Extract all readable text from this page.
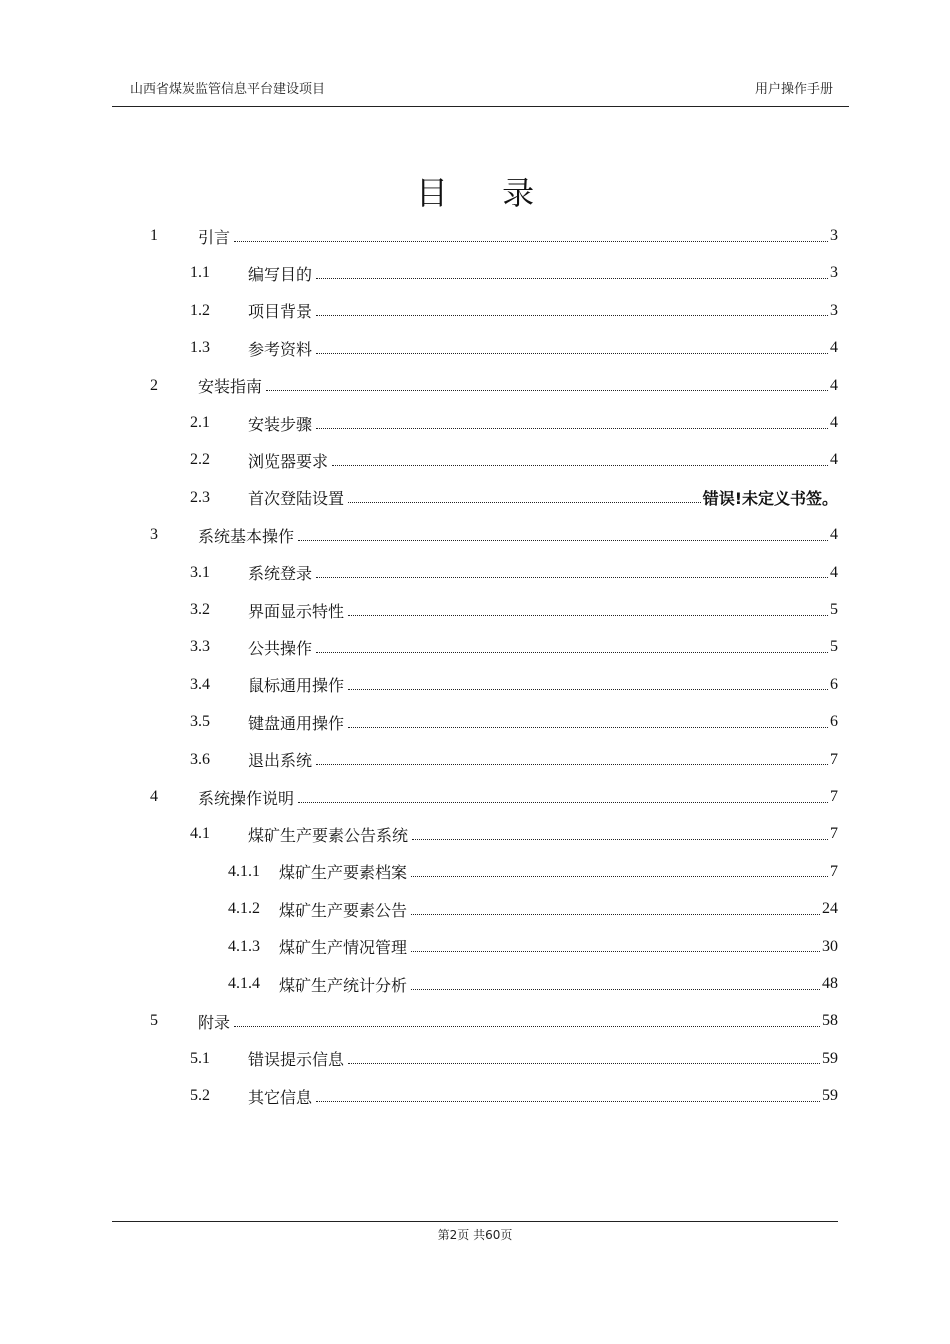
山西省煤炭监管信息平台建设项目	用户操作手册
目 录
1	引言	3
1.1	编写目的	3
1.2	项目背景	3
1.3	参考资料	4
2	安装指南	4
2.1	安装步骤	4
2.2	浏览器要求	4
2.3	首次登陆设置	错误!未定义书签。
3	系统基本操作	4
3.1	系统登录	4
3.2	界面显示特性	5
3.3	公共操作	5
3.4	鼠标通用操作	6
3.5	键盘通用操作	6
3.6	退出系统	7
4	系统操作说明	7
4.1	煤矿生产要素公告系统	7
4.1.1	煤矿生产要素档案	7
4.1.2	煤矿生产要素公告	24
4.1.3	煤矿生产情况管理	30
4.1.4	煤矿生产统计分析	48
5	附录	58
5.1	错误提示信息	59
5.2	其它信息	59
第2页 共60页
